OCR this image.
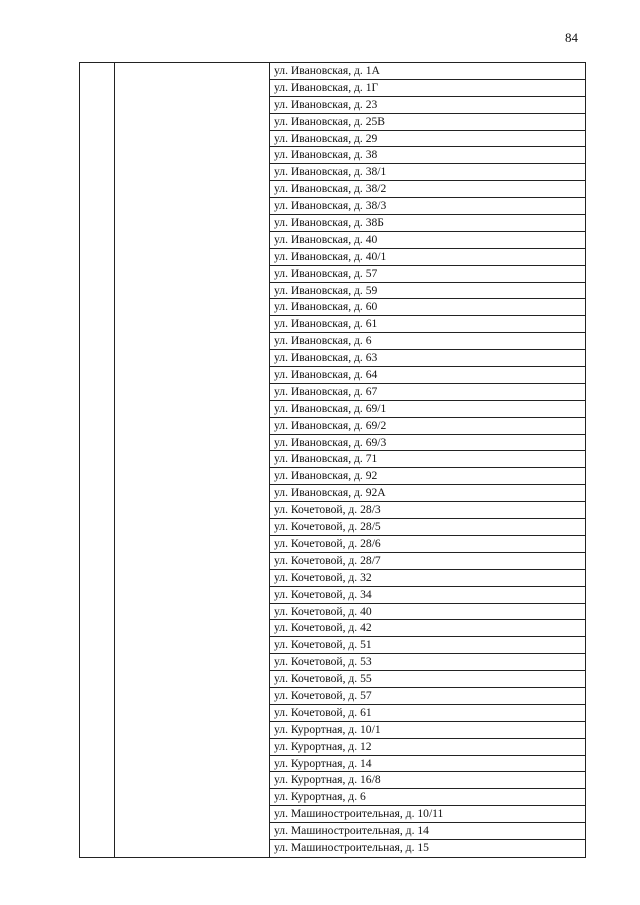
84
ул. Ивановская, д. 1А
ул. Ивановская, д. 1Г
ул. Ивановская, д. 23
ул. Ивановская, д. 25В
ул. Ивановская, д. 29
ул. Ивановская, д. 38
ул. Ивановская, д. 38/1
ул. Ивановская, д. 38/2
ул. Ивановская, д. 38/3
ул. Ивановская, д. 38Б
ул. Ивановская, д. 40
ул. Ивановская, д. 40/1
ул. Ивановская, д. 57
ул. Ивановская, д. 59
ул. Ивановская, д. 60
ул. Ивановская, д. 61
ул. Ивановская, д. 6
ул. Ивановская, д. 63
ул. Ивановская, д. 64
ул. Ивановская, д. 67
ул. Ивановская, д. 69/1
ул. Ивановская, д. 69/2
ул. Ивановская, д. 69/3
ул. Ивановская, д. 71
ул. Ивановская, д. 92
ул. Ивановская, д. 92А
ул. Кочетовой, д. 28/3
ул. Кочетовой, д. 28/5
ул. Кочетовой, д. 28/6
ул. Кочетовой, д. 28/7
ул. Кочетовой, д. 32
ул. Кочетовой, д. 34
ул. Кочетовой, д. 40
ул. Кочетовой, д. 42
ул. Кочетовой, д. 51
ул. Кочетовой, д. 53
ул. Кочетовой, д. 55
ул. Кочетовой, д. 57
ул. Кочетовой, д. 61
ул. Курортная, д. 10/1
ул. Курортная, д. 12
ул. Курортная, д. 14
ул. Курортная, д. 16/8
ул. Курортная, д. 6
ул. Машиностроительная, д. 10/11
ул. Машиностроительная, д. 14
ул. Машиностроительная, д. 15
